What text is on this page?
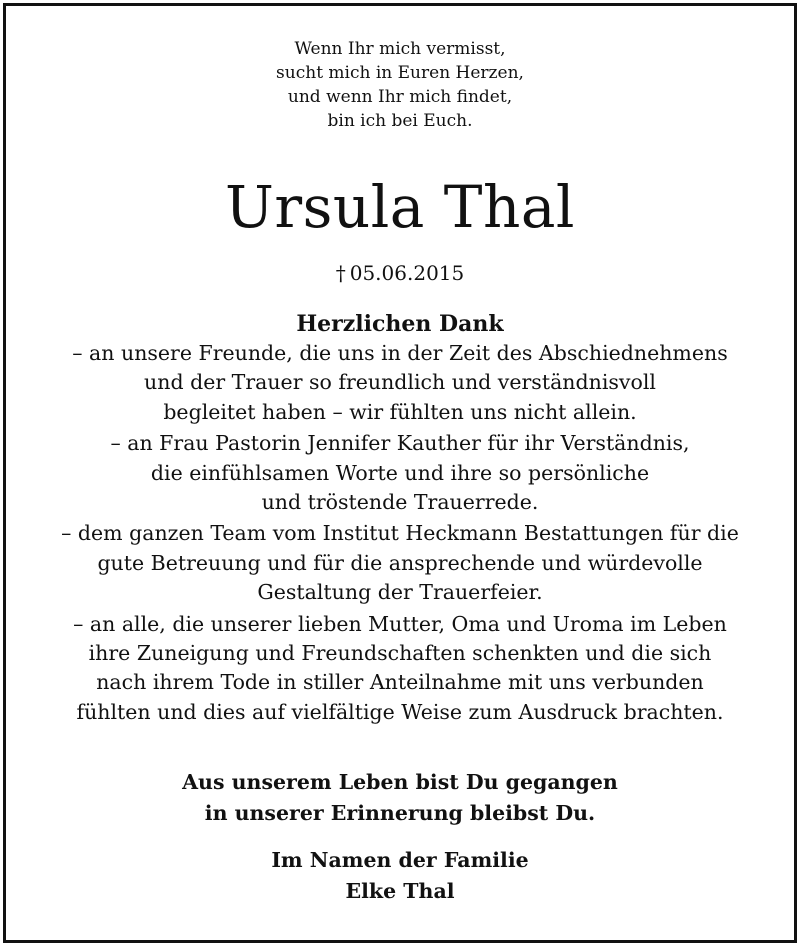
Wenn Ihr mich vermisst,
sucht mich in Euren Herzen,
und wenn Ihr mich findet,
bin ich bei Euch.
Ursula Thal
† 05.06.2015
Herzlichen Dank
– an unsere Freunde, die uns in der Zeit des Abschiednehmens
und der Trauer so freundlich und verständnisvoll
begleitet haben – wir fühlten uns nicht allein.
– an Frau Pastorin Jennifer Kauther für ihr Verständnis,
die einfühlsamen Worte und ihre so persönliche
und tröstende Trauerrede.
– dem ganzen Team vom Institut Heckmann Bestattungen für die
gute Betreuung und für die ansprechende und würdevolle
Gestaltung der Trauerfeier.
– an alle, die unserer lieben Mutter, Oma und Uroma im Leben
ihre Zuneigung und Freundschaften schenkten und die sich
nach ihrem Tode in stiller Anteilnahme mit uns verbunden
fühlten und dies auf vielfältige Weise zum Ausdruck brachten.
Aus unserem Leben bist Du gegangen
in unserer Erinnerung bleibst Du.
Im Namen der Familie
Elke Thal
